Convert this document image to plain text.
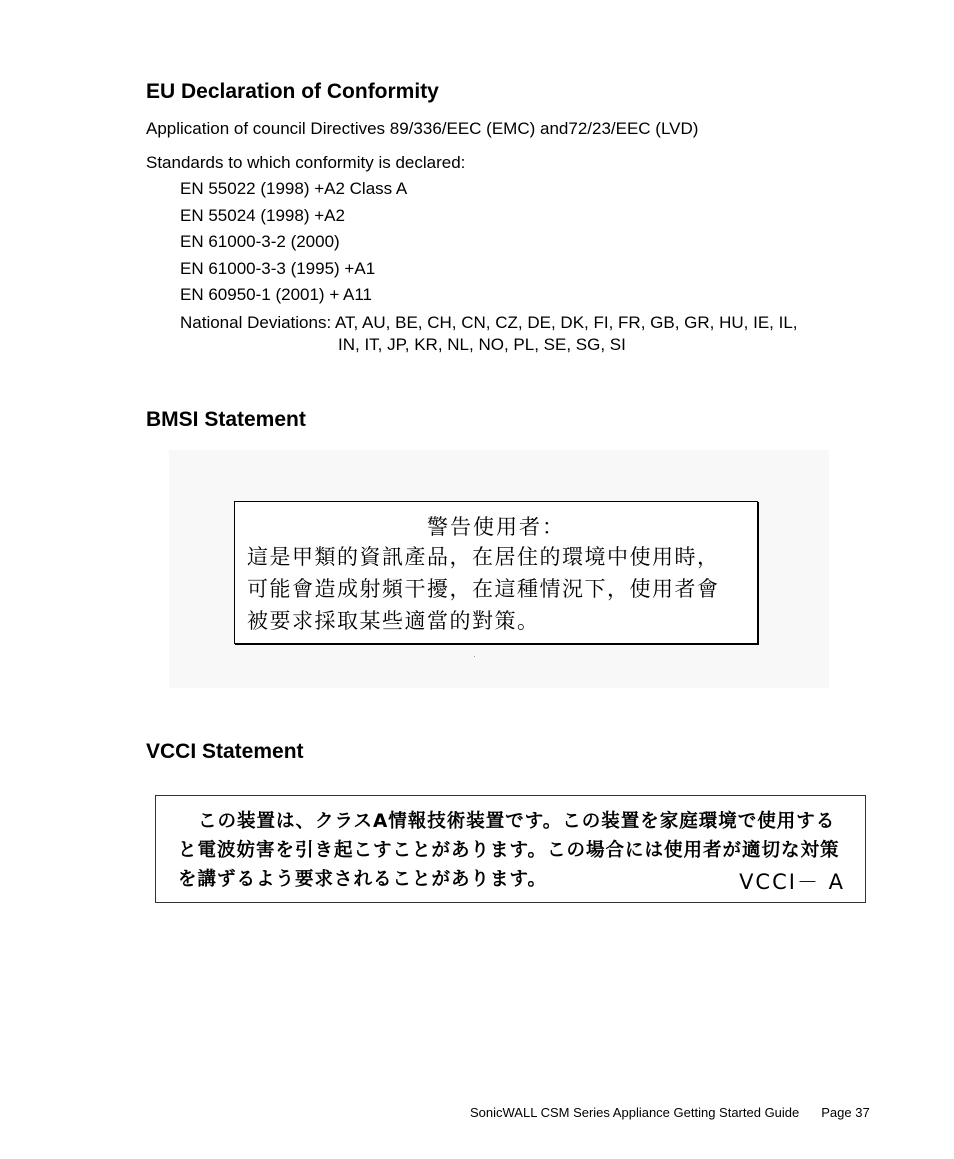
EU Declaration of Conformity

Application of council Directives 89/336/EEC (EMC) and72/23/EEC (LVD)

Standards to which conformity is declared:

EN 55022 (1998) +A2 Class A
EN 55024 (1998) +A2
EN 61000-3-2 (2000)
EN 61000-3-3 (1995) +A1
EN 60950-1 (2001) + A11
National Deviations: AT, AU, BE, CH, CN, CZ, DE, DK, FI, FR, GB, GR, HU, IE, IL,
IN, IT, JP, KR, NL, NO, PL, SE, SG, SI
BMSI Statement
警告使用者：
這是甲類的資訊產品，在居住的環境中使用時，
可能會造成射頻干擾，在這種情況下，使用者會
被要求採取某些適當的對策。
VCCI Statement
この装置は、クラスA情報技術装置です。この装置を家庭環境で使用する
と電波妨害を引き起こすことがあります。この場合には使用者が適切な対策
を講ずるよう要求されることがあります。	VCCI－ A
SonicWALL CSM Series Appliance Getting Started Guide Page 37
